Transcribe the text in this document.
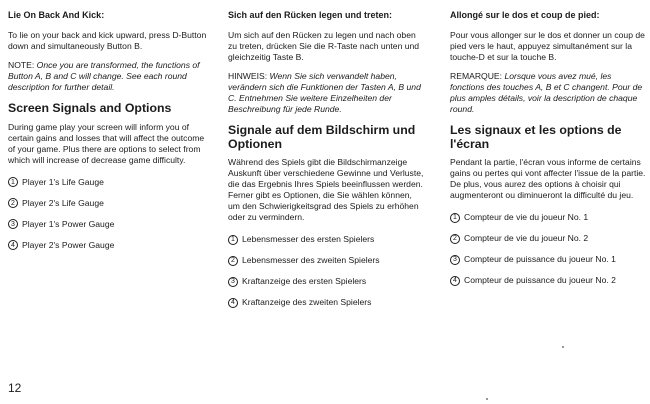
Lie On Back And Kick:
To lie on your back and kick upward, press D-Button down and simultaneously Button B.
NOTE: Once you are transformed, the functions of Button A, B and C will change. See each round description for further detail.
Screen Signals and Options
During game play your screen will inform you of certain gains and losses that will affect the outcome of your game. Plus there are options to select from which will increase of decrease game difficulty.
1 Player 1's Life Gauge
2 Player 2's Life Gauge
3 Player 1's Power Gauge
4 Player 2's Power Gauge
Sich auf den Rücken legen und treten:
Um sich auf den Rücken zu legen und nach oben zu treten, drücken Sie die R-Taste nach unten und gleichzeitig Taste B.
HINWEIS: Wenn Sie sich verwandelt haben, verändern sich die Funktionen der Tasten A, B und C. Entnehmen Sie weitere Einzelheiten der Beschreibung für jede Runde.
Signale auf dem Bildschirm und Optionen
Während des Spiels gibt die Bildschirmanzeige Auskunft über verschiedene Gewinne und Verluste, die das Ergebnis Ihres Spiels beeinflussen werden. Ferner gibt es Optionen, die Sie wählen können, um den Schwierigkeitsgrad des Spiels zu erhöhen oder zu vermindern.
1 Lebensmesser des ersten Spielers
2 Lebensmesser des zweiten Spielers
3 Kraftanzeige des ersten Spielers
4 Kraftanzeige des zweiten Spielers
Allongé sur le dos et coup de pied:
Pour vous allonger sur le dos et donner un coup de pied vers le haut, appuyez simultanément sur la touche-D et sur la touche B.
REMARQUE: Lorsque vous avez mué, les fonctions des touches A, B et C changent. Pour de plus amples détails, voir la description de chaque round.
Les signaux et les options de l'écran
Pendant la partie, l'écran vous informe de certains gains ou pertes qui vont affecter l'issue de la partie. De plus, vous aurez des options à choisir qui augmenteront ou diminueront la difficulté du jeu.
1 Compteur de vie du joueur No. 1
2 Compteur de vie du joueur No. 2
3 Compteur de puissance du joueur No. 1
4 Compteur de puissance du joueur No. 2
12
